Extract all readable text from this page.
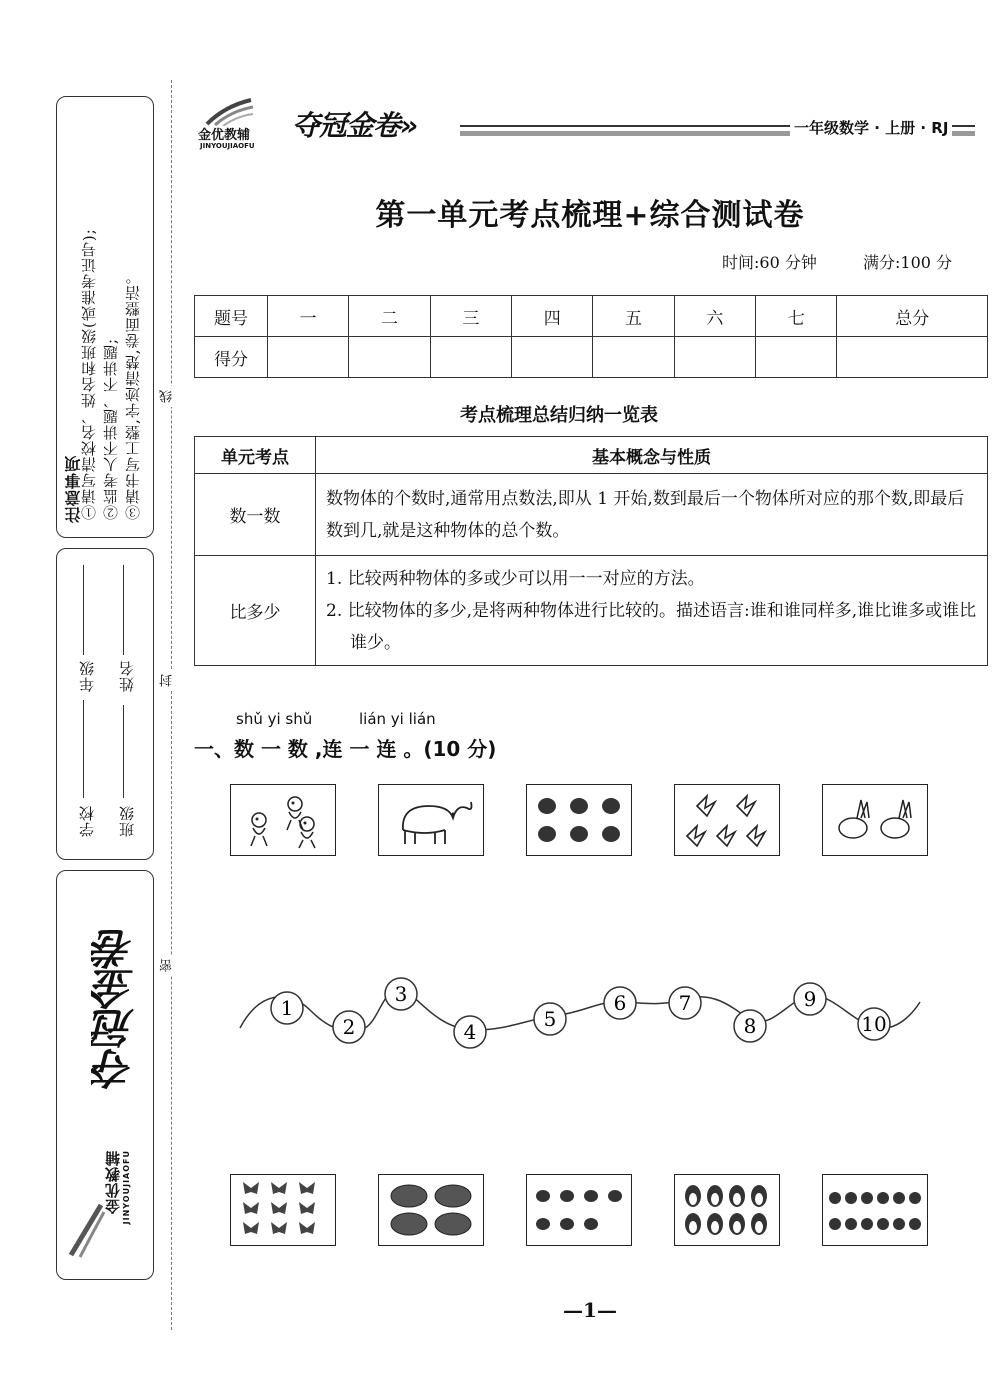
注意事项
①请写清校名、姓名和班级(或准考证号); ②监考人不讲题、不讲题; ③请书写工整,字迹清楚,卷面整洁。
学校
年级
班级
姓名
夺冠金卷
金优教辅 JINYOUJIAOFU
线
封
密
金优教辅
JINYOUJIAOFU
夺冠金卷»	一年级数学 · 上册 · RJ
第一单元考点梳理+综合测试卷
时间:60 分钟	满分:100 分
题号	一	二	三	四	五	六	七	总分
得分								
考点梳理总结归纳一览表
单元考点	基本概念与性质
数一数	数物体的个数时,通常用点数法,即从 1 开始,数到最后一个物体所对应的那个数,即最后数到几,就是这种物体的总个数。
比多少	1. 比较两种物体的多或少可以用一一对应的方法。
2. 比较物体的多少,是将两种物体进行比较的。描述语言:谁和谁同样多,谁比谁多或谁比谁少。
shǔ yi shǔ	lián yi lián
一、数 一 数 ,连 一 连 。(10 分)
1
2
3
4
5
6	7
8
9
10
—1—
